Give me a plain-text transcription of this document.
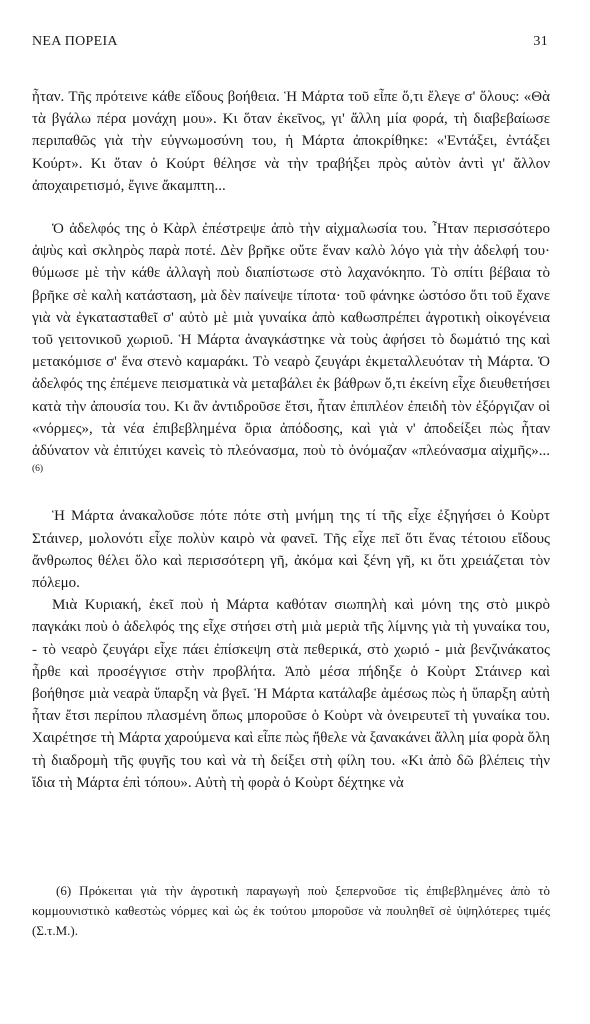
ΝΕΑ ΠΟΡΕΙΑ	31

ἦταν. Τῆς πρότεινε κάθε εἴδους βοήθεια. Ἡ Μάρτα τοῦ εἶπε ὅ,τι ἔλεγε σ' ὅλους: «Θὰ τὰ βγάλω πέρα μονάχη μου». Κι ὅταν ἐκεῖνος, γι' ἄλλη μία φορά, τὴ διαβεβαίωσε περιπαθῶς γιὰ τὴν εὐγνωμοσύνη του, ἡ Μάρτα ἀποκρίθηκε: «'Εντάξει, ἐντάξει Κούρτ». Κι ὅταν ὁ Κούρτ θέλησε νὰ τὴν τραβήξει πρὸς αὐτὸν ἀντὶ γι' ἄλλον ἀποχαιρετισμό, ἔγινε ἄκαμπτη...

Ὁ ἀδελφός της ὁ Κὰρλ ἐπέστρεψε ἀπὸ τὴν αἰχμαλωσία του. Ἦταν περισσότερο ἀψὺς καὶ σκληρὸς παρὰ ποτέ. Δὲν βρῆκε οὔτε ἕναν καλὸ λόγο γιὰ τὴν ἀδελφή του· θύμωσε μὲ τὴν κάθε ἀλλαγὴ ποὺ διαπίστωσε στὸ λαχανόκηπο. Τὸ σπίτι βέβαια τὸ βρῆκε σὲ καλὴ κατάσταση, μὰ δὲν παίνεψε τίποτα· τοῦ φάνηκε ὡστόσο ὅτι τοῦ ἔχανε γιὰ νὰ ἐγκατασταθεῖ σ' αὐτὸ μὲ μιὰ γυναίκα ἀπὸ καθωσπρέπει ἀγροτικὴ οἰκογένεια τοῦ γειτονικοῦ χωριοῦ. Ἡ Μάρτα ἀναγκάστηκε νὰ τοὺς ἀφήσει τὸ δωμάτιό της καὶ μετακόμισε σ' ἕνα στενὸ καμαράκι. Τὸ νεαρὸ ζευγάρι ἐκμεταλλευόταν τὴ Μάρτα. Ὁ ἀδελφός της ἐπέμενε πεισματικὰ νὰ μεταβάλει ἐκ βάθρων ὅ,τι ἐκείνη εἶχε διευθετήσει κατὰ τὴν ἀπουσία του. Κι ἂν ἀντιδροῦσε ἔτσι, ἦταν ἐπιπλέον ἐπειδὴ τὸν ἐξόργιζαν οἱ «νόρμες», τὰ νέα ἐπιβεβλημένα ὅρια ἀπόδοσης, καὶ γιὰ ν' ἀποδείξει πὼς ἦταν ἀδύνατον νὰ ἐπιτύχει κανεὶς τὸ πλεόνασμα, ποὺ τὸ ὀνόμαζαν «πλεόνασμα αἰχμῆς»...$^{(6)}$

Ἡ Μάρτα ἀνακαλοῦσε πότε πότε στὴ μνήμη της τί τῆς εἶχε ἐξηγήσει ὁ Κοὺρτ Στάινερ, μολονότι εἶχε πολὺν καιρὸ νὰ φανεῖ. Τῆς εἶχε πεῖ ὅτι ἕνας τέτοιου εἴδους ἄνθρωπος θέλει ὅλο καὶ περισσότερη γῆ, ἀκόμα καὶ ξένη γῆ, κι ὅτι χρειάζεται τὸν πόλεμο.

Μιὰ Κυριακή, ἐκεῖ ποὺ ἡ Μάρτα καθόταν σιωπηλὴ καὶ μόνη της στὸ μικρὸ παγκάκι ποὺ ὁ ἀδελφός της εἶχε στήσει στὴ μιὰ μεριὰ τῆς λίμνης γιὰ τὴ γυναίκα του, - τὸ νεαρὸ ζευγάρι εἶχε πάει ἐπίσκεψη στὰ πεθερικά, στὸ χωριό - μιὰ βενζινάκατος ἦρθε καὶ προσέγγισε στὴν προβλήτα. Ἀπὸ μέσα πήδηξε ὁ Κοὺρτ Στάινερ καὶ βοήθησε μιὰ νεαρὰ ὕπαρξη νὰ βγεῖ. Ἡ Μάρτα κατάλαβε ἀμέσως πὼς ἡ ὕπαρξη αὐτὴ ἦταν ἔτσι περίπου πλασμένη ὅπως μποροῦσε ὁ Κοὺρτ νὰ ὀνειρευτεῖ τὴ γυναίκα του. Χαιρέτησε τὴ Μάρτα χαρούμενα καὶ εἶπε πὼς ἤθελε νὰ ξανακάνει ἄλλη μία φορὰ ὅλη τὴ διαδρομὴ τῆς φυγῆς του καὶ νὰ τὴ δείξει στὴ φίλη του. «Κι ἀπὸ δῶ βλέπεις τὴν ἴδια τὴ Μάρτα ἐπὶ τόπου». Αὐτὴ τὴ φορὰ ὁ Κοὺρτ δέχτηκε νὰ

(6) Πρόκειται γιὰ τὴν ἀγροτικὴ παραγωγὴ ποὺ ξεπερνοῦσε τὶς ἐπιβεβλημένες ἀπὸ τὸ κομμουνιστικὸ καθεστὼς νόρμες καὶ ὡς ἐκ τούτου μποροῦσε νὰ πουληθεῖ σὲ ὑψηλότερες τιμές (Σ.τ.Μ.).
